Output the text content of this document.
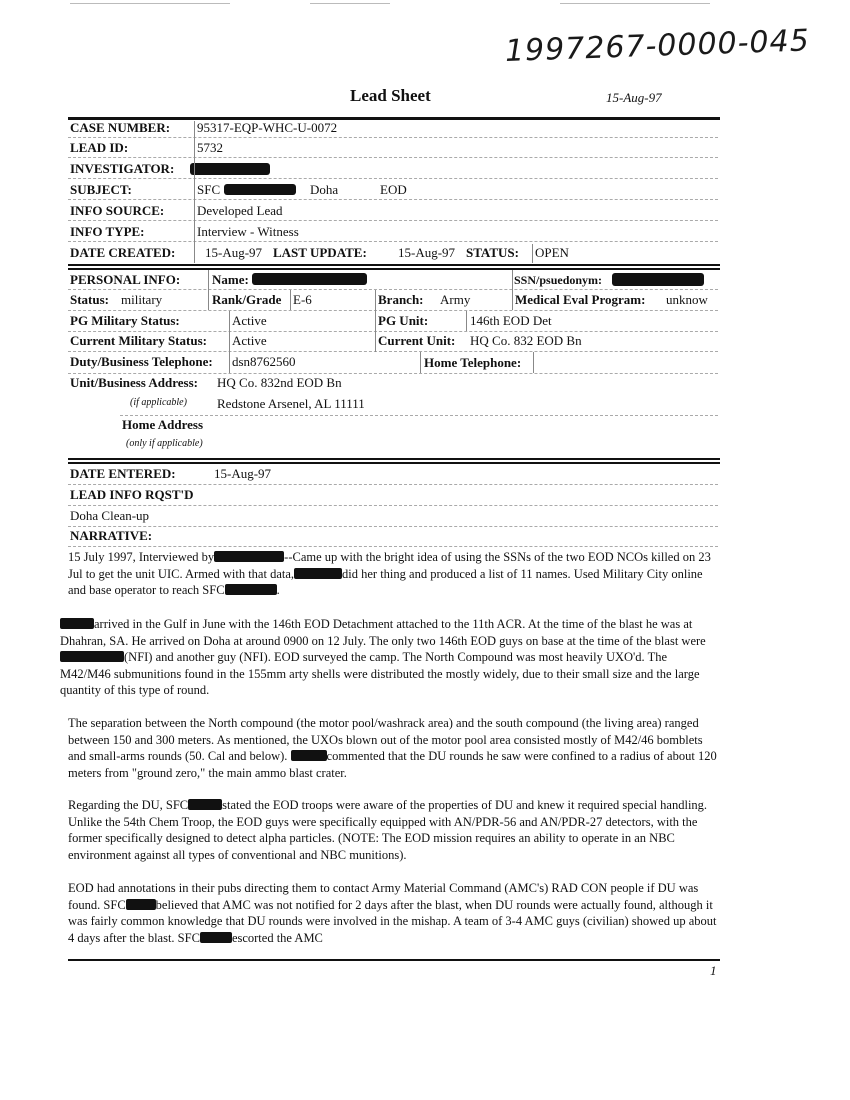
1997267-0000-045
Lead Sheet	15-Aug-97
CASE NUMBER: 95317-EQP-WHC-U-0072
LEAD ID:	5732
INVESTIGATOR:
SUBJECT:	SFC	Doha	EOD
INFO SOURCE:	Developed Lead
INFO TYPE:	Interview - Witness
DATE CREATED: 15-Aug-97 LAST UPDATE: 15-Aug-97 STATUS: OPEN
PERSONAL INFO: Name:	SSN/psuedonym:
Status: military	Rank/Grade E-6	Branch: Army	Medical Eval Program: unknow
PG Military Status:	Active	PG Unit:	146th EOD Det
Current Military Status: Active	Current Unit: HQ Co. 832 EOD Bn
Duty/Business Telephone: dsn8762560	Home Telephone:
Unit/Business Address: HQ Co. 832nd EOD Bn
(if applicable) Redstone Arsenel, AL 11111
Home Address
(only if applicable)
DATE ENTERED:	15-Aug-97
LEAD INFO RQST'D
Doha Clean-up
NARRATIVE:
15 July 1997, Interviewed by	--Came up with the bright idea of using the SSNs of the two EOD NCOs killed on 23 Jul to get the unit UIC. Armed with that data,	did her thing and produced a list of 11 names. Used Military City online and base operator to reach SFC	.
arrived in the Gulf in June with the 146th EOD Detachment attached to the 11th ACR. At the time of the blast he was at Dhahran, SA. He arrived on Doha at around 0900 on 12 July. The only two 146th EOD guys on base at the time of the blast were(NFI) and another guy (NFI). EOD surveyed the camp. The North Compound was most heavily UXO'd. The M42/M46 submunitions found in the 155mm arty shells were distributed the mostly widely, due to their small size and the large quantity of this type of round.
The separation between the North compound (the motor pool/washrack area) and the south compound (the living area) ranged between 150 and 300 meters. As mentioned, the UXOs blown out of the motor pool area consisted mostly of M42/46 bomblets and small-arms rounds (50. Cal and below).	commented that the DU rounds he saw were confined to a radius of about 120 meters from "ground zero," the main ammo blast crater.
Regarding the DU, SFC	stated the EOD troops were aware of the properties of DU and knew it required special handling. Unlike the 54th Chem Troop, the EOD guys were specifically equipped with AN/PDR-56 and AN/PDR-27 detectors, with the former specifically designed to detect alpha particles. (NOTE: The EOD mission requires an ability to operate in an NBC environment against all types of conventional and NBC munitions).
EOD had annotations in their pubs directing them to contact Army Material Command (AMC's) RAD CON people if DU was found. SFC believed that AMC was not notified for 2 days after the blast, when DU rounds were actually found, although it was fairly common knowledge that DU rounds were involved in the mishap. A team of 3-4 AMC guys (civilian) showed up about 4 days after the blast. SFC	escorted the AMC
1
